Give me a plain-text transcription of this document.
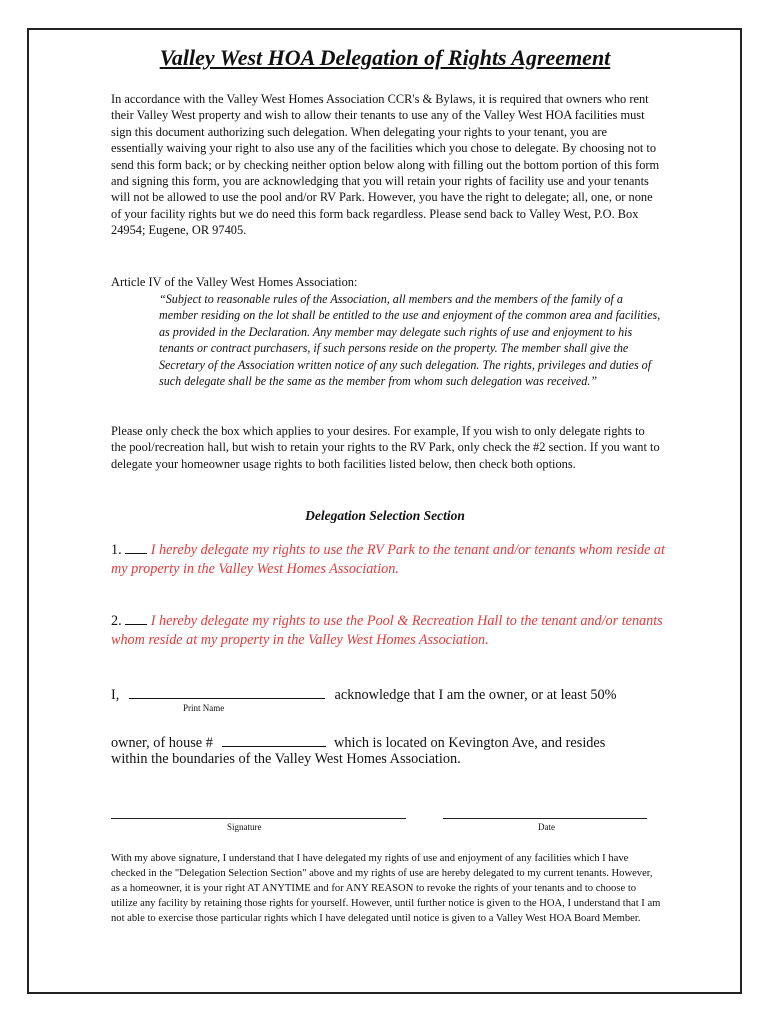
Valley West HOA Delegation of Rights Agreement

In accordance with the Valley West Homes Association CCR's & Bylaws, it is required that owners who rent their Valley West property and wish to allow their tenants to use any of the Valley West HOA facilities must sign this document authorizing such delegation. When delegating your rights to your tenant, you are essentially waiving your right to also use any of the facilities which you chose to delegate. By choosing not to send this form back; or by checking neither option below along with filling out the bottom portion of this form and signing this form, you are acknowledging that you will retain your rights of facility use and your tenants will not be allowed to use the pool and/or RV Park. However, you have the right to delegate; all, one, or none of your facility rights but we do need this form back regardless. Please send back to Valley West, P.O. Box 24954; Eugene, OR 97405.

Article IV of the Valley West Homes Association:

“Subject to reasonable rules of the Association, all members and the members of the family of a member residing on the lot shall be entitled to the use and enjoyment of the common area and facilities, as provided in the Declaration. Any member may delegate such rights of use and enjoyment to his tenants or contract purchasers, if such persons reside on the property. The member shall give the Secretary of the Association written notice of any such delegation. The rights, privileges and duties of such delegate shall be the same as the member from whom such delegation was received.”

Please only check the box which applies to your desires. For example, If you wish to only delegate rights to the pool/recreation hall, but wish to retain your rights to the RV Park, only check the #2 section. If you want to delegate your homeowner usage rights to both facilities listed below, then check both options.

Delegation Selection Section

1. I hereby delegate my rights to use the RV Park to the tenant and/or tenants whom reside at my property in the Valley West Homes Association.

2. I hereby delegate my rights to use the Pool & Recreation Hall to the tenant and/or tenants whom reside at my property in the Valley West Homes Association.

I,	acknowledge that I am the owner, or at least 50%
Print Name
owner, of house #	which is located on Kevington Ave, and resides
within the boundaries of the Valley West Homes Association.
Signature	Date

With my above signature, I understand that I have delegated my rights of use and enjoyment of any facilities which I have checked in the "Delegation Selection Section" above and my rights of use are hereby delegated to my current tenants. However, as a homeowner, it is your right AT ANYTIME and for ANY REASON to revoke the rights of your tenants and to choose to utilize any facility by retaining those rights for yourself. However, until further notice is given to the HOA, I understand that I am not able to exercise those particular rights which I have delegated until notice is given to a Valley West HOA Board Member.
